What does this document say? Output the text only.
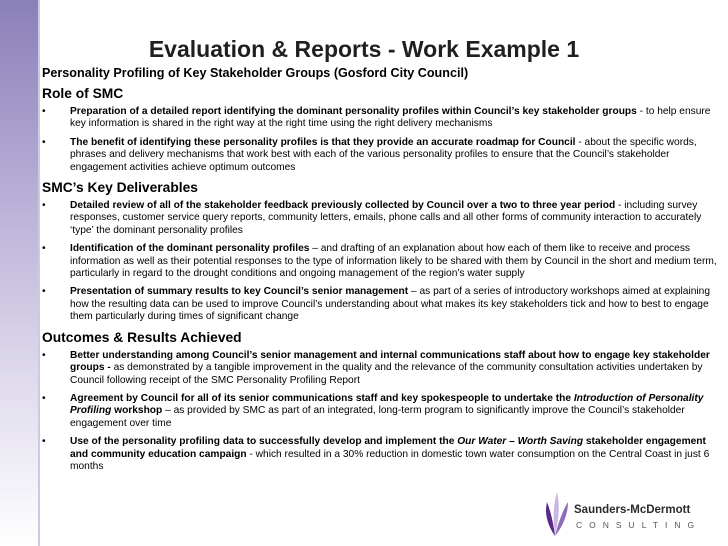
Evaluation & Reports - Work Example 1
Personality Profiling of Key Stakeholder Groups (Gosford City Council)
Role of SMC
• Preparation of a detailed report identifying the dominant personality profiles within Council’s key stakeholder groups - to help ensure key information is shared in the right way at the right time using the right delivery mechanisms
• The benefit of identifying these personality profiles is that they provide an accurate roadmap for Council - about the specific words, phrases and delivery mechanisms that work best with each of the various personality profiles to ensure that the Council’s stakeholder engagement activities achieve optimum outcomes
SMC’s Key Deliverables
• Detailed review of all of the stakeholder feedback previously collected by Council over a two to three year period - including survey responses, customer service query reports, community letters, emails, phone calls and all other forms of community interaction to accurately ‘type’ the dominant personality profiles
• Identification of the dominant personality profiles – and drafting of an explanation about how each of them like to receive and process information as well as their potential responses to the type of information likely to be shared with them by Council in the short and medium term, particularly in regard to the drought conditions and ongoing management of the region’s water supply
• Presentation of summary results to key Council’s senior management – as part of a series of introductory workshops aimed at explaining how the resulting data can be used to improve Council’s understanding about what makes its key stakeholders tick and how to best to engage them particularly during times of significant change
Outcomes & Results Achieved
• Better understanding among Council’s senior management and internal communications staff about how to engage key stakeholder groups - as demonstrated by a tangible improvement in the quality and the relevance of the community consultation activities undertaken by Council following receipt of the SMC Personality Profiling Report
• Agreement by Council for all of its senior communications staff and key spokespeople to undertake the Introduction of Personality Profiling workshop – as provided by SMC as part of an integrated, long-term program to significantly improve the Council’s stakeholder engagement over time
• Use of the personality profiling data to successfully develop and implement the Our Water – Worth Saving stakeholder engagement and community education campaign - which resulted in a 30% reduction in domestic town water consumption on the Central Coast in just 6 months
Saunders-McDermott
CONSULTING
